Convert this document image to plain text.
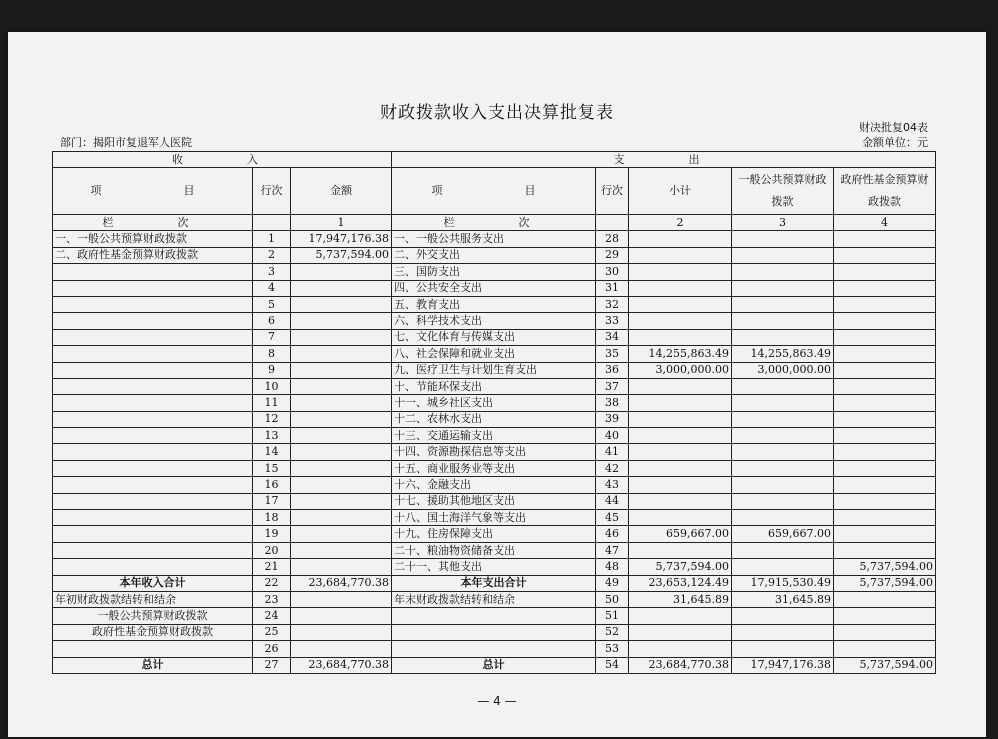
财政拨款收入支出决算批复表
部门：揭阳市复退军人医院
财决批复04表
金额单位：元
收　　入			支　　出				
项　　目	行次	金额	项　　目	行次	小计	一般公共预算财政拨款	政府性基金预算财政拨款
栏　　次		1	栏　　次		2	3	4
一、一般公共预算财政拨款	1	17,947,176.38	一、一般公共服务支出	28			
二、政府性基金预算财政拨款	2	5,737,594.00	二、外交支出	29			
	3		三、国防支出	30			
	4		四、公共安全支出	31			
	5		五、教育支出	32			
	6		六、科学技术支出	33			
	7		七、文化体育与传媒支出	34			
	8		八、社会保障和就业支出	35	14,255,863.49	14,255,863.49	
	9		九、医疗卫生与计划生育支出	36	3,000,000.00	3,000,000.00	
	10		十、节能环保支出	37			
	11		十一、城乡社区支出	38			
	12		十二、农林水支出	39			
	13		十三、交通运输支出	40			
	14		十四、资源勘探信息等支出	41			
	15		十五、商业服务业等支出	42			
	16		十六、金融支出	43			
	17		十七、援助其他地区支出	44			
	18		十八、国土海洋气象等支出	45			
	19		十九、住房保障支出	46	659,667.00	659,667.00	
	20		二十、粮油物资储备支出	47			
	21		二十一、其他支出	48	5,737,594.00		5,737,594.00
本年收入合计	22	23,684,770.38	本年支出合计	49	23,653,124.49	17,915,530.49	5,737,594.00
年初财政拨款结转和结余	23		年末财政拨款结转和结余	50	31,645.89	31,645.89	
一般公共预算财政拨款	24			51			
政府性基金预算财政拨款	25			52			
	26			53			
总计	27	23,684,770.38	总计	54	23,684,770.38	17,947,176.38	5,737,594.00
— 4 —
